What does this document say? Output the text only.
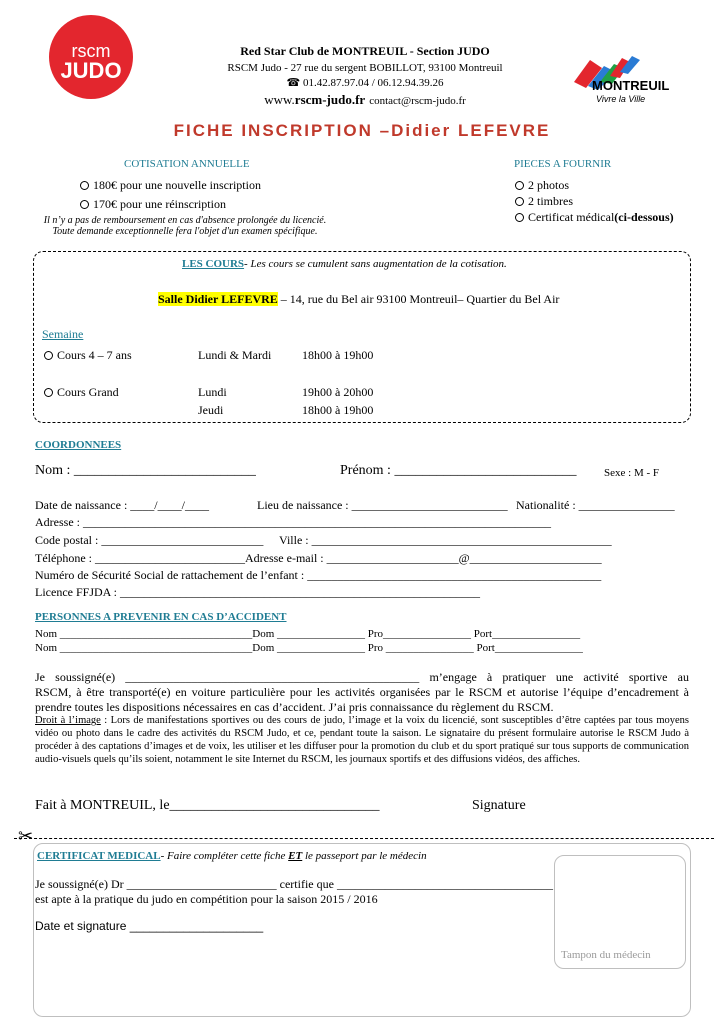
rscm
JUDO
Red Star Club de MONTREUIL - Section JUDO
RSCM Judo - 27 rue du sergent BOBILLOT, 93100 Montreuil
☎ 01.42.87.97.04 / 06.12.94.39.26
www.rscm-judo.fr contact@rscm-judo.fr
MONTREUIL
Vivre la Ville
FICHE INSCRIPTION –Didier LEFEVRE
COTISATION ANNUELLE
180€ pour une nouvelle inscription
170€ pour une réinscription
Il n’y a pas de remboursement en cas d'absence prolongée du licencié.
Toute demande exceptionnelle fera l'objet d'un examen spécifique.
PIECES A FOURNIR
2 photos
2 timbres
Certificat médical(ci-dessous)
LES COURS- Les cours se cumulent sans augmentation de la cotisation.
Salle Didier LEFEVRE – 14, rue du Bel air 93100 Montreuil– Quartier du Bel Air
Semaine
Cours 4 – 7 ans	Lundi & Mardi	18h00 à 19h00
Cours Grand	Lundi	19h00 à 20h00
Jeudi	18h00 à 19h00
COORDONNEES
Nom : __________________________	Prénom : __________________________	Sexe : M - F
Date de naissance : ____/____/____	Lieu de naissance : __________________________ Nationalité : ________________
Adresse : ______________________________________________________________________________
Code postal : ___________________________ Ville : __________________________________________________
Téléphone : _________________________Adresse e-mail : ______________________@______________________
Numéro de Sécurité Social de rattachement de l’enfant : _________________________________________________
Licence FFJDA : ____________________________________________________________
PERSONNES A PREVENIR EN CAS D’ACCIDENT
Nom ___________________________________Dom ________________ Pro________________ Port________________
Nom ___________________________________Dom ________________ Pro ________________ Port________________
Je soussigné(e) _________________________________________________ m’engage à pratiquer une activité sportive au
RSCM, à être transporté(e) en voiture particulière pour les activités organisées par le RSCM et autorise l’équipe d’encadrement à
prendre toutes les dispositions nécessaires en cas d’accident. J’ai pris connaissance du règlement du RSCM.
Droit à l’image : Lors de manifestations sportives ou des cours de judo, l’image et la voix du licencié, sont susceptibles d’être captées par tous moyens vidéo ou photo dans le cadre des activités du RSCM Judo, et ce, pendant toute la saison. Le signataire du présent formulaire autorise le RSCM Judo à procéder à des captations d’images et de voix, les utiliser et les diffuser pour la promotion du club et du sport pratiqué sur tous supports de communication audio-visuels quels qu’ils soient, notamment le site Internet du RSCM, les journaux sportifs et des diffusions vidéos, des affiches.
Fait à MONTREUIL, le______________________________	Signature
✂
CERTIFICAT MEDICAL- Faire compléter cette fiche ET le passeport par le médecin
Je soussigné(e) Dr _________________________ certifie que ____________________________________
est apte à la pratique du judo en compétition pour la saison 2015 / 2016
Date et signature ____________________
Tampon du médecin
